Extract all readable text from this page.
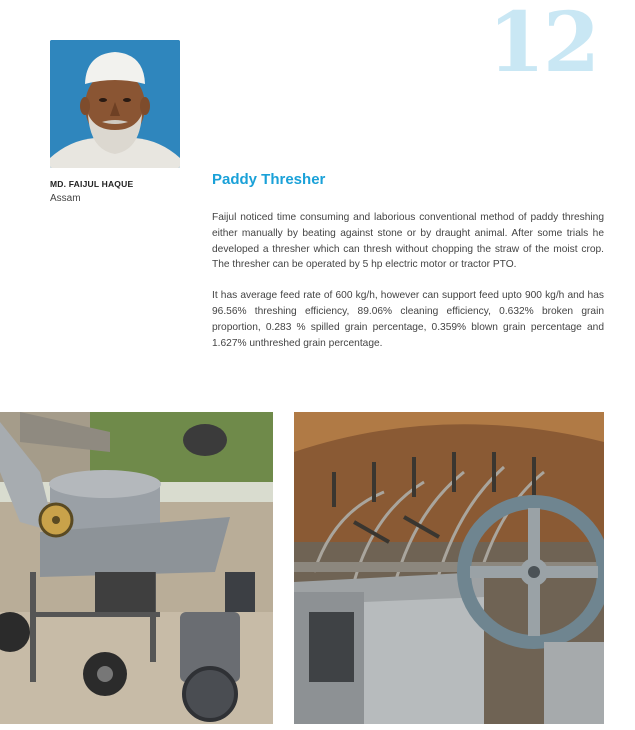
12
MD. FAIJUL HAQUE
Assam
Paddy Thresher

Faijul noticed time consuming and laborious conventional method of paddy threshing either manually by beating against stone or by draught animal. After some trials he developed a thresher which can thresh without chopping the straw of the moist crop. The thresher can be operated by 5 hp electric motor or tractor PTO.

It has average feed rate of 600 kg/h, however can support feed upto 900 kg/h and has 96.56% threshing efficiency, 89.06% cleaning efficiency, 0.632% broken grain proportion, 0.283 % spilled grain percentage, 0.359% blown grain percentage and 1.627% unthreshed grain percentage.
